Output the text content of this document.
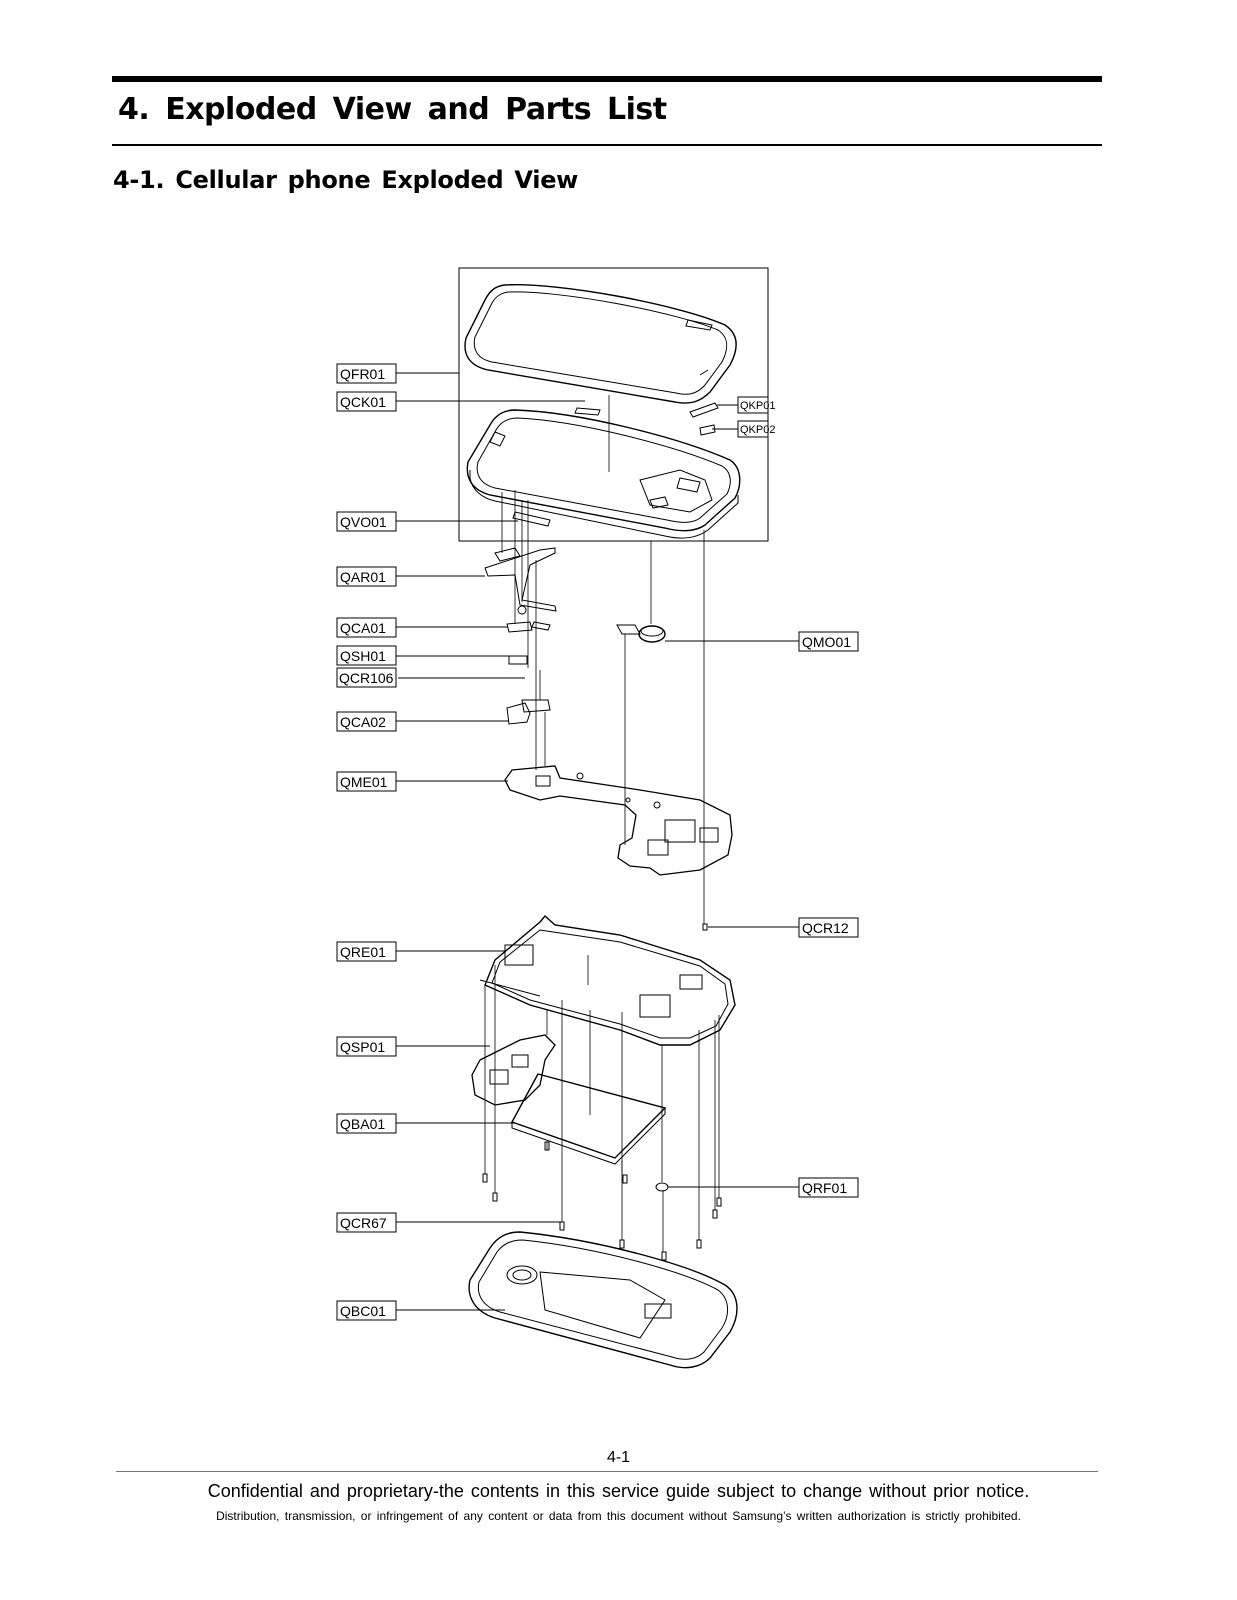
4. Exploded View and Parts List
4-1. Cellular phone Exploded View
QFR01
QCK01	QKP01
QKP02
QVO01
QAR01
QCA01
QMO01
QSH01
QCR106
QCA02
QME01
QCR12
QRE01
QSP01
QBA01
QRF01
QCR67
QBC01
4-1
Confidential and proprietary-the contents in this service guide subject to change without prior notice.
Distribution, transmission, or infringement of any content or data from this document without Samsung’s written authorization is strictly prohibited.
